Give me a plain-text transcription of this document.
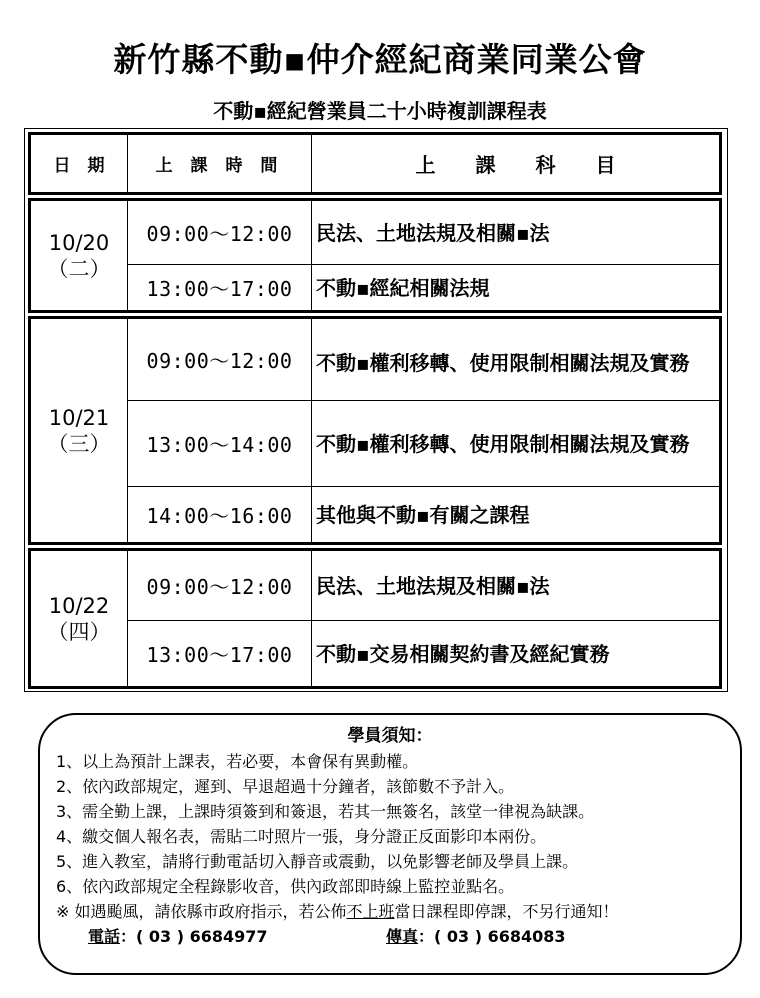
新竹縣不動▪仲介經紀商業同業公會
不動▪經紀營業員二十小時複訓課程表
日　期	上 課 時 間	上　　課　　科　　目
10/20
（二）
09:00～12:00	民法、土地法規及相關▪法
13:00～17:00	不動▪經紀相關法規
10/21
（三）
09:00～12:00	不動▪權利移轉、使用限制相關法規及實務
13:00～14:00	不動▪權利移轉、使用限制相關法規及實務
14:00～16:00	其他與不動▪有關之課程
10/22
（四）
09:00～12:00	民法、土地法規及相關▪法
13:00～17:00	不動▪交易相關契約書及經紀實務
學員須知：
1、以上為預計上課表，若必要，本會保有異動權。
2、依內政部規定，遲到、早退超過十分鐘者，該節數不予計入。
3、需全勤上課，上課時須簽到和簽退，若其一無簽名，該堂一律視為缺課。
4、繳交個人報名表，需貼二吋照片一張，身分證正反面影印本兩份。
5、進入教室，請將行動電話切入靜音或震動，以免影響老師及學員上課。
6、依內政部規定全程錄影收音，供內政部即時線上監控並點名。
※ 如遇颱風，請依縣市政府指示，若公佈不上班當日課程即停課，不另行通知！
電話：( 03 ) 6684977	傳真：( 03 ) 6684083
